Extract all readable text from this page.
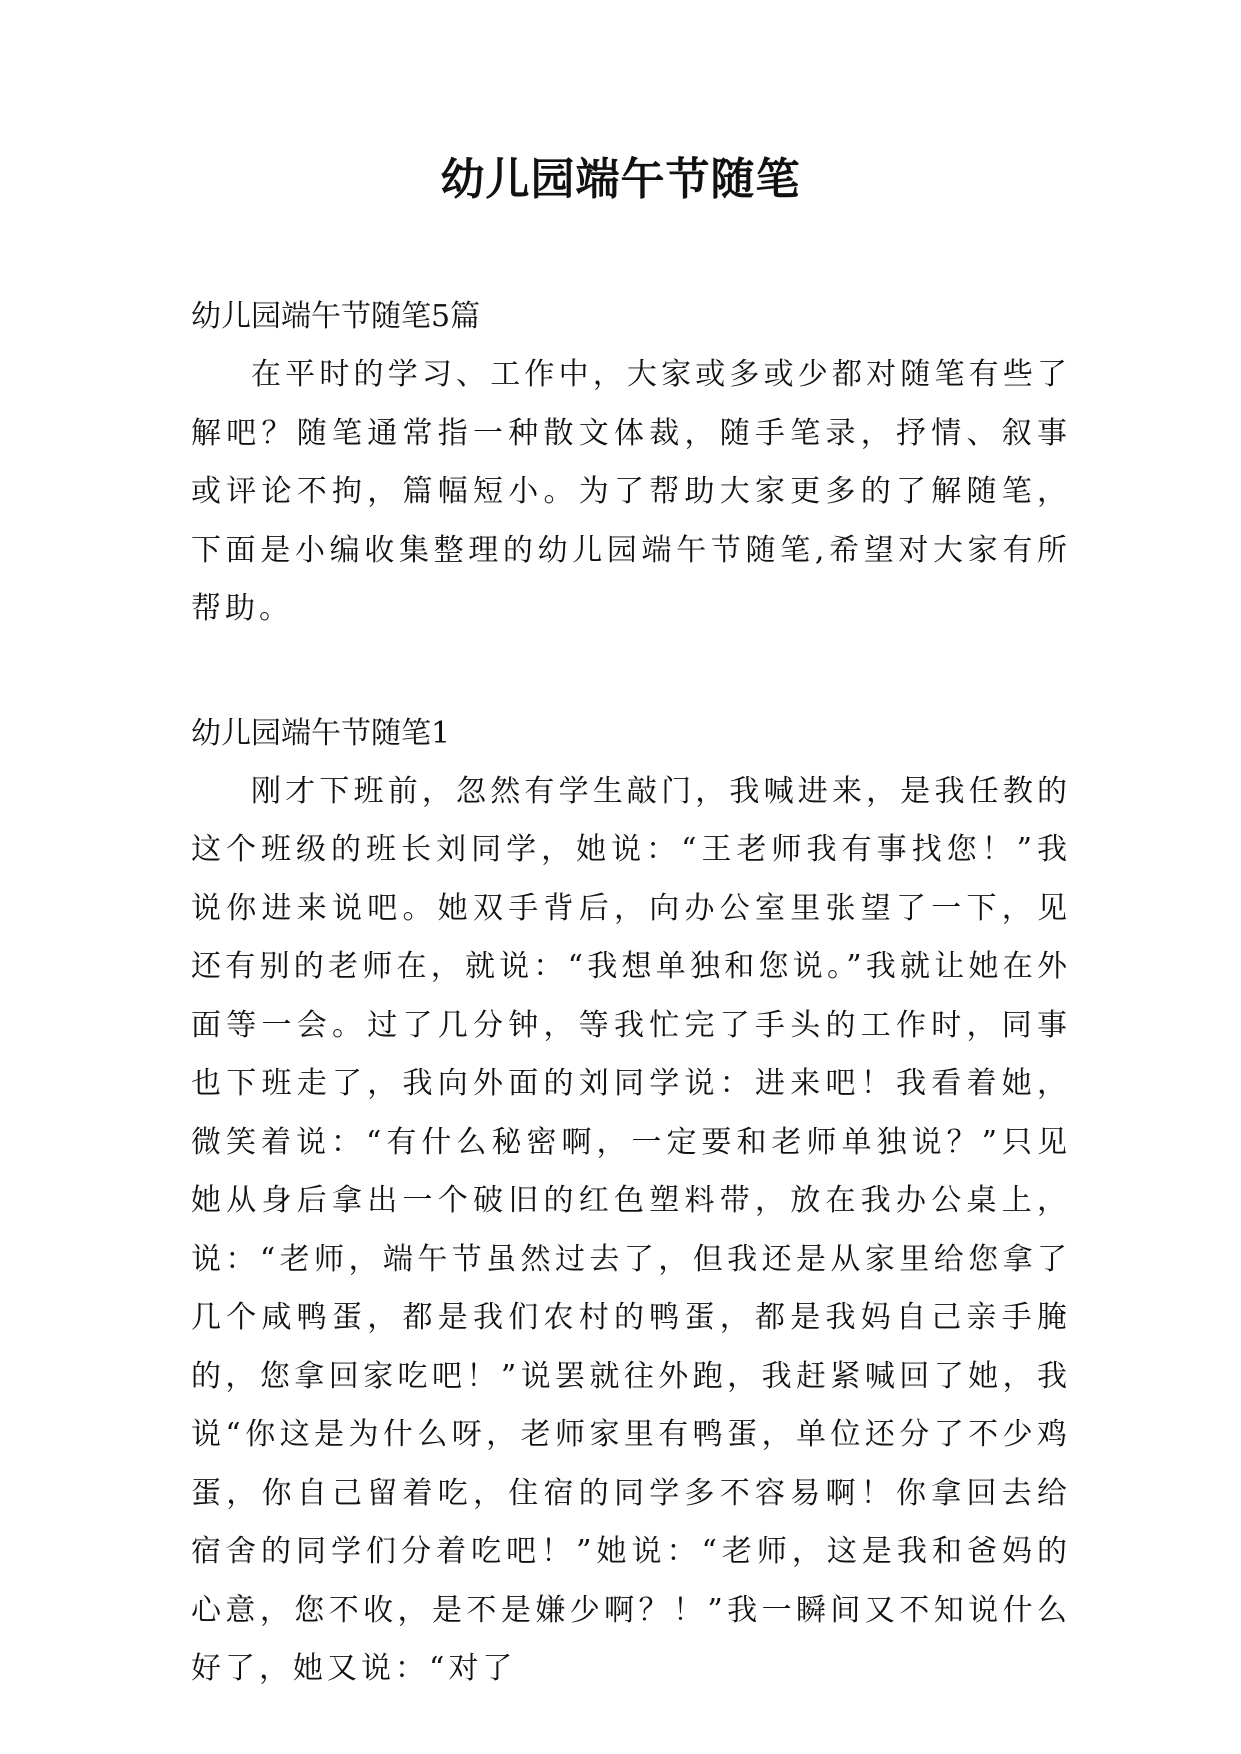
幼儿园端午节随笔

幼儿园端午节随笔5篇

在平时的学习、工作中，大家或多或少都对随笔有些了解吧？随笔通常指一种散文体裁，随手笔录，抒情、叙事或评论不拘，篇幅短小。为了帮助大家更多的了解随笔，下面是小编收集整理的幼儿园端午节随笔,希望对大家有所帮助。

幼儿园端午节随笔1

刚才下班前，忽然有学生敲门，我喊进来，是我任教的这个班级的班长刘同学，她说：“王老师我有事找您！”我说你进来说吧。她双手背后，向办公室里张望了一下，见还有别的老师在，就说：“我想单独和您说。”我就让她在外面等一会。过了几分钟，等我忙完了手头的工作时，同事也下班走了，我向外面的刘同学说：进来吧！我看着她，微笑着说：“有什么秘密啊，一定要和老师单独说？”只见她从身后拿出一个破旧的红色塑料带，放在我办公桌上，说：“老师，端午节虽然过去了，但我还是从家里给您拿了几个咸鸭蛋，都是我们农村的鸭蛋，都是我妈自己亲手腌的，您拿回家吃吧！”说罢就往外跑，我赶紧喊回了她，我说“你这是为什么呀，老师家里有鸭蛋，单位还分了不少鸡蛋，你自己留着吃，住宿的同学多不容易啊！你拿回去给宿舍的同学们分着吃吧！”她说：“老师，这是我和爸妈的心意，您不收，是不是嫌少啊？！”我一瞬间又不知说什么好了，她又说：“对了
